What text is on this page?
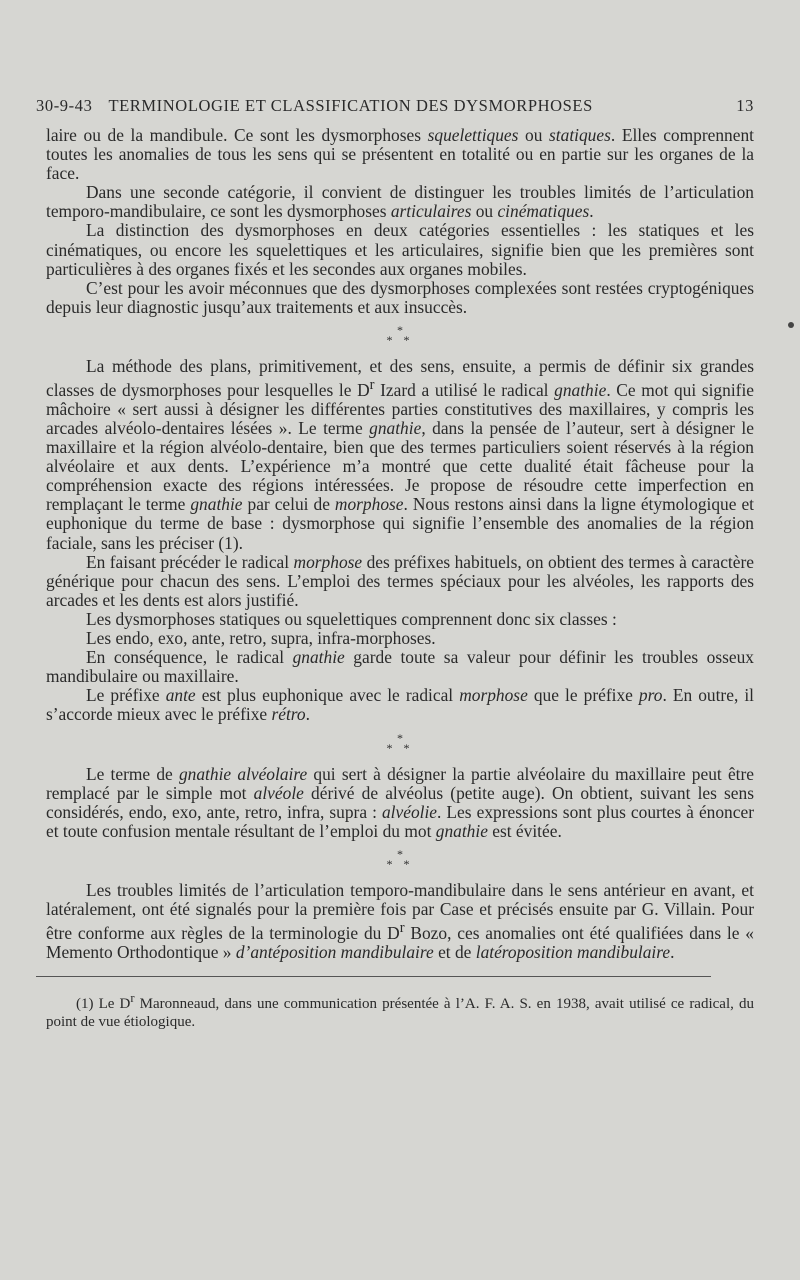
30-9-43 TERMINOLOGIE ET CLASSIFICATION DES DYSMORPHOSES	13

laire ou de la mandibule. Ce sont les dysmorphoses squelettiques ou statiques. Elles comprennent toutes les anomalies de tous les sens qui se présentent en totalité ou en partie sur les organes de la face.

Dans une seconde catégorie, il convient de distinguer les troubles limités de l’articulation temporo-mandibulaire, ce sont les dysmorphoses articulaires ou cinématiques.

La distinction des dysmorphoses en deux catégories essentielles : les statiques et les cinématiques, ou encore les squelettiques et les articulaires, signifie bien que les premières sont particulières à des organes fixés et les secondes aux organes mobiles.

C’est pour les avoir méconnues que des dysmorphoses complexées sont restées cryptogéniques depuis leur diagnostic jusqu’aux traitements et aux insuccès.

*
* *

La méthode des plans, primitivement, et des sens, ensuite, a permis de définir six grandes classes de dysmorphoses pour lesquelles le $D^r$ Izard a utilisé le radical gnathie. Ce mot qui signifie mâchoire « sert aussi à désigner les différentes parties constitutives des maxillaires, y compris les arcades alvéolo-dentaires lésées ». Le terme gnathie, dans la pensée de l’auteur, sert à désigner le maxillaire et la région alvéolo-dentaire, bien que des termes particuliers soient réservés à la région alvéolaire et aux dents. L’expérience m’a montré que cette dualité était fâcheuse pour la compréhension exacte des régions intéressées. Je propose de résoudre cette imperfection en remplaçant le terme gnathie par celui de morphose. Nous restons ainsi dans la ligne étymologique et euphonique du terme de base : dysmorphose qui signifie l’ensemble des anomalies de la région faciale, sans les préciser (1).

En faisant précéder le radical morphose des préfixes habituels, on obtient des termes à caractère générique pour chacun des sens. L’emploi des termes spéciaux pour les alvéoles, les rapports des arcades et les dents est alors justifié.

Les dysmorphoses statiques ou squelettiques comprennent donc six classes :

Les endo, exo, ante, retro, supra, infra-morphoses.

En conséquence, le radical gnathie garde toute sa valeur pour définir les troubles osseux mandibulaire ou maxillaire.

Le préfixe ante est plus euphonique avec le radical morphose que le préfixe pro. En outre, il s’accorde mieux avec le préfixe rétro.

*
* *

Le terme de gnathie alvéolaire qui sert à désigner la partie alvéolaire du maxillaire peut être remplacé par le simple mot alvéole dérivé de alvéolus (petite auge). On obtient, suivant les sens considérés, endo, exo, ante, retro, infra, supra : alvéolie. Les expressions sont plus courtes à énoncer et toute confusion mentale résultant de l’emploi du mot gnathie est évitée.

*
* *

Les troubles limités de l’articulation temporo-mandibulaire dans le sens antérieur en avant, et latéralement, ont été signalés pour la première fois par Case et précisés ensuite par G. Villain. Pour être conforme aux règles de la terminologie du $D^r$ Bozo, ces anomalies ont été qualifiées dans le « Memento Orthodontique » d’antéposition mandibulaire et de latéroposition mandibulaire.

(1) Le $D^r$ Maronneaud, dans une communication présentée à l’A. F. A. S. en 1938, avait utilisé ce radical, du point de vue étiologique.
